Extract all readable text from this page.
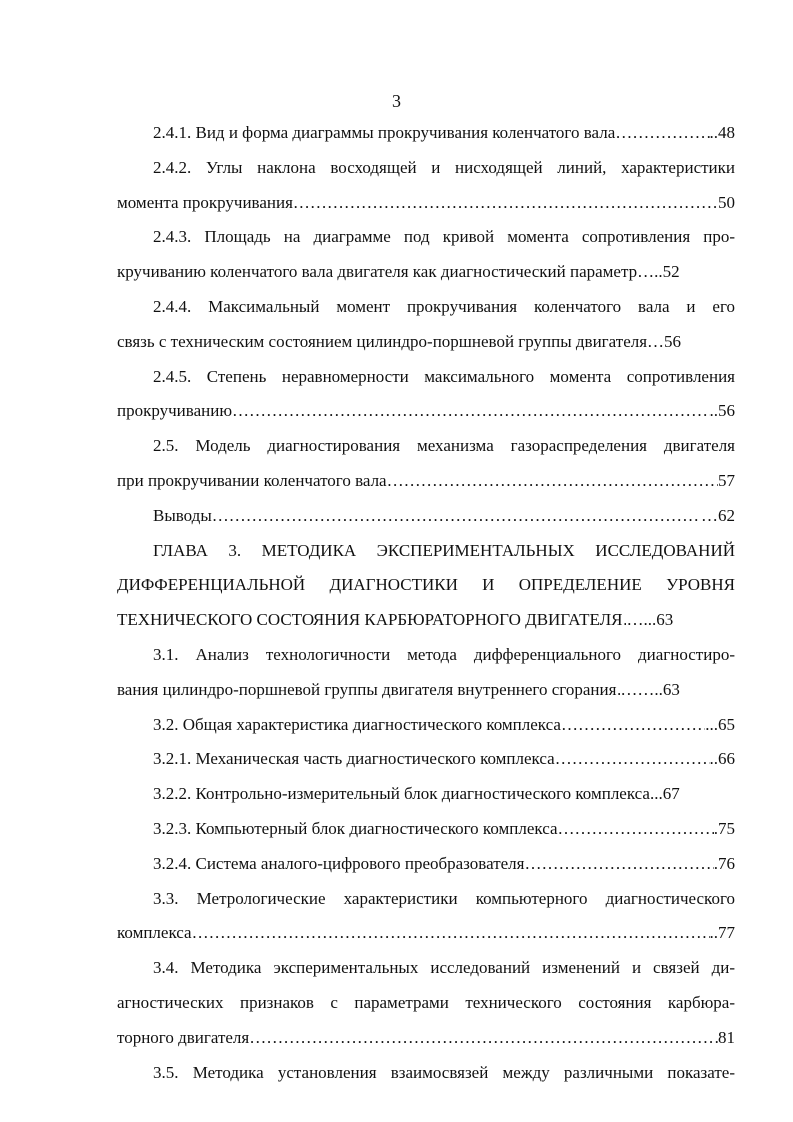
3
2.4.1. Вид и форма диаграммы прокручивания коленчатого вала ………………………………………………………………………………………………………………………………………………………………	..48
2.4.2. Углы наклона восходящей и нисходящей линий, характеристики
момента прокручивания ………………………………………………………………………………………………………………………………………………………………	50
2.4.3. Площадь на диаграмме под кривой момента сопротивления про-
кручиванию коленчатого вала двигателя как диагностический параметр …..52
2.4.4. Максимальный момент прокручивания коленчатого вала и его
связь с техническим состоянием цилиндро-поршневой группы двигателя …56
2.4.5. Степень неравномерности максимального момента сопротивления
прокручиванию ………………………………………………………………………………………………………………………………………………………………	..56
2.5. Модель диагностирования механизма газораспределения двигателя
при прокручивании коленчатого вала ………………………………………………………………………………………………………………………………………………………………	57
Выводы ………………………………………………………………………………………………………………………………………………………………	…62
ГЛАВА 3. МЕТОДИКА ЭКСПЕРИМЕНТАЛЬНЫХ ИССЛЕДОВАНИЙ
ДИФФЕРЕНЦИАЛЬНОЙ ДИАГНОСТИКИ И ОПРЕДЕЛЕНИЕ УРОВНЯ
ТЕХНИЧЕСКОГО СОСТОЯНИЯ КАРБЮРАТОРНОГО ДВИГАТЕЛЯ ……………………………………………………………………………………………………………………………………………………………… …...63
3.1. Анализ технологичности метода дифференциального диагностиро-
вания цилиндро-поршневой группы двигателя внутреннего сгорания ……………………………………………………………………………………………………………………………………………………………… ……..63
3.2. Общая характеристика диагностического комплекса ………………………………………………………………………………………………………………………………………………………………	...65
3.2.1. Механическая часть диагностического комплекса ………………………………………………………………………………………………………………………………………………………………	..66
3.2.2. Контрольно-измерительный блок диагностического комплекса ...67
3.2.3. Компьютерный блок диагностического комплекса ………………………………………………………………………………………………………………………………………………………………	.75
3.2.4. Система аналого-цифрового преобразователя ………………………………………………………………………………………………………………………………………………………………	.76
3.3. Метрологические характеристики компьютерного диагностического
комплекса ………………………………………………………………………………………………………………………………………………………………	..77
3.4. Методика экспериментальных исследований изменений и связей ди-
агностических признаков с параметрами технического состояния карбюра-
торного двигателя ………………………………………………………………………………………………………………………………………………………………	81
3.5. Методика установления взаимосвязей между различными показате-
